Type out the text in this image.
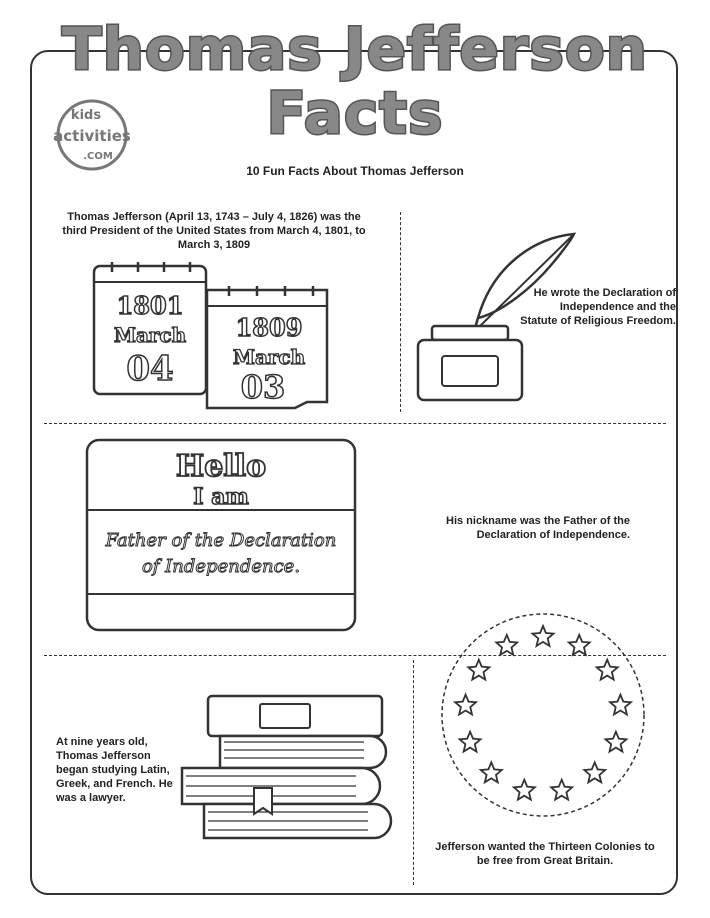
Thomas Jefferson
Facts
kids
activities
.COM
10 Fun Facts About Thomas Jefferson
Thomas Jefferson (April 13, 1743 – July 4, 1826) was the third President of the United States from March 4, 1801, to March 3, 1809
1801
March
04
1809
March
03
He wrote the Declaration of Independence and the Statute of Religious Freedom.
Hello
I am
Father of the Declaration
of Independence.
His nickname was the Father of the Declaration of Independence.
At nine years old, Thomas Jefferson began studying Latin, Greek, and French. He was a lawyer.
Jefferson wanted the Thirteen Colonies to be free from Great Britain.
